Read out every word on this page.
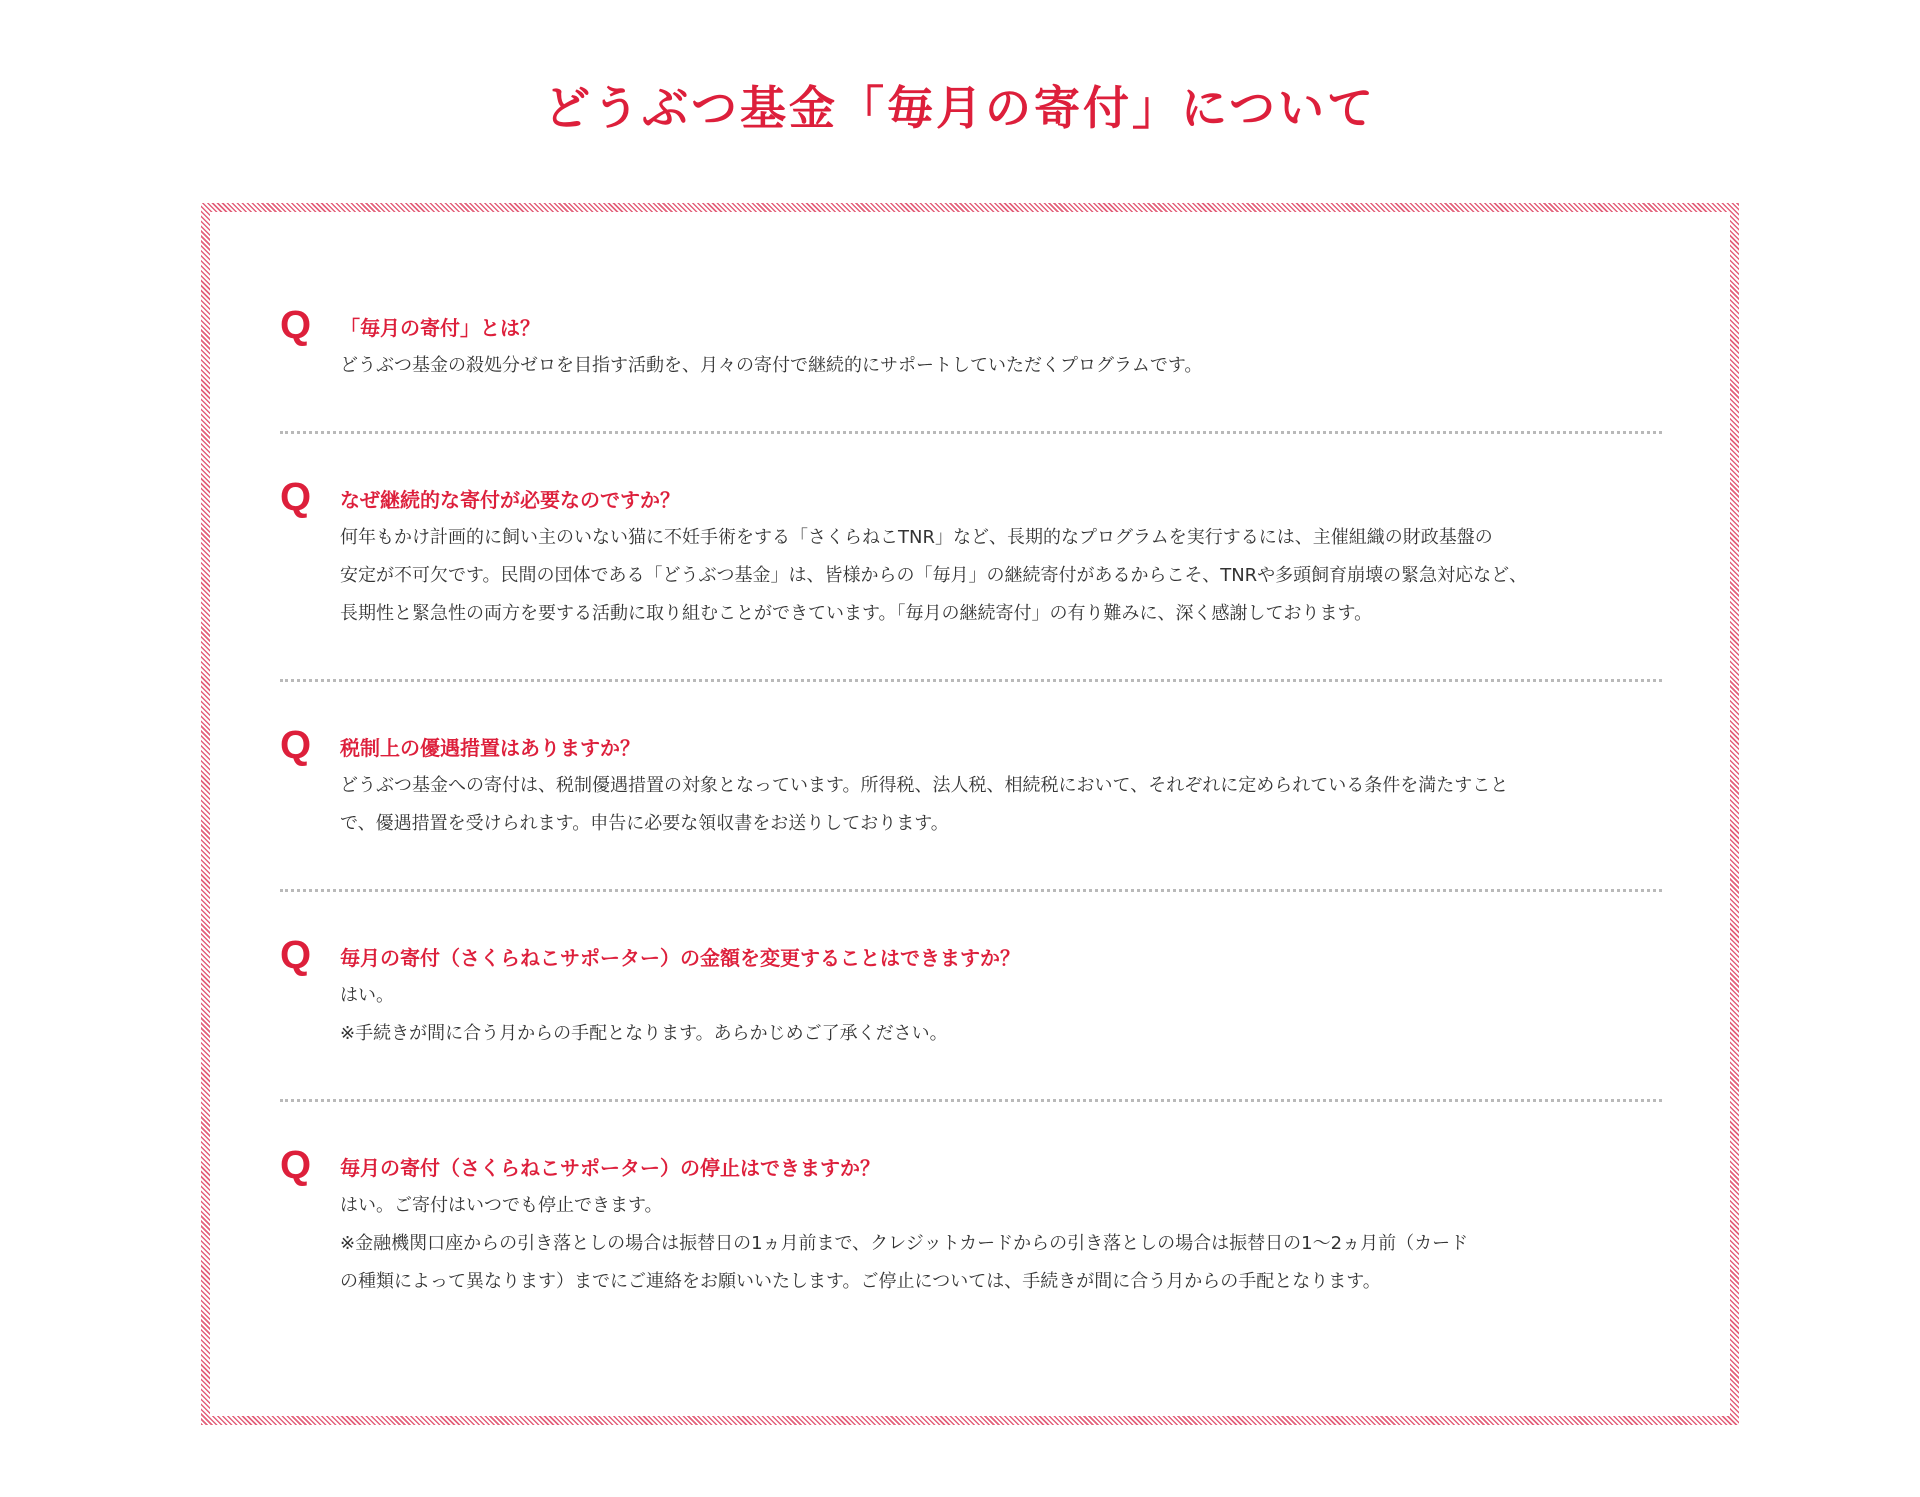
どうぶつ基金「毎月の寄付」について
Q 「毎月の寄付」とは？

どうぶつ基金の殺処分ゼロを目指す活動を、月々の寄付で継続的にサポートしていただくプログラムです。

Q なぜ継続的な寄付が必要なのですか？

何年もかけ計画的に飼い主のいない猫に不妊手術をする「さくらねこTNR」など、長期的なプログラムを実行するには、主催組織の財政基盤の

安定が不可欠です。民間の団体である「どうぶつ基金」は、皆様からの「毎月」の継続寄付があるからこそ、TNRや多頭飼育崩壊の緊急対応など、

長期性と緊急性の両方を要する活動に取り組むことができています。「毎月の継続寄付」の有り難みに、深く感謝しております。

Q 税制上の優遇措置はありますか？

どうぶつ基金への寄付は、税制優遇措置の対象となっています。所得税、法人税、相続税において、それぞれに定められている条件を満たすこと

で、優遇措置を受けられます。申告に必要な領収書をお送りしております。

Q 毎月の寄付（さくらねこサポーター）の金額を変更することはできますか？

はい。

※手続きが間に合う月からの手配となります。あらかじめご了承ください。

Q 毎月の寄付（さくらねこサポーター）の停止はできますか？

はい。ご寄付はいつでも停止できます。

※金融機関口座からの引き落としの場合は振替日の1ヵ月前まで、クレジットカードからの引き落としの場合は振替日の1〜2ヵ月前（カード

の種類によって異なります）までにご連絡をお願いいたします。ご停止については、手続きが間に合う月からの手配となります。
